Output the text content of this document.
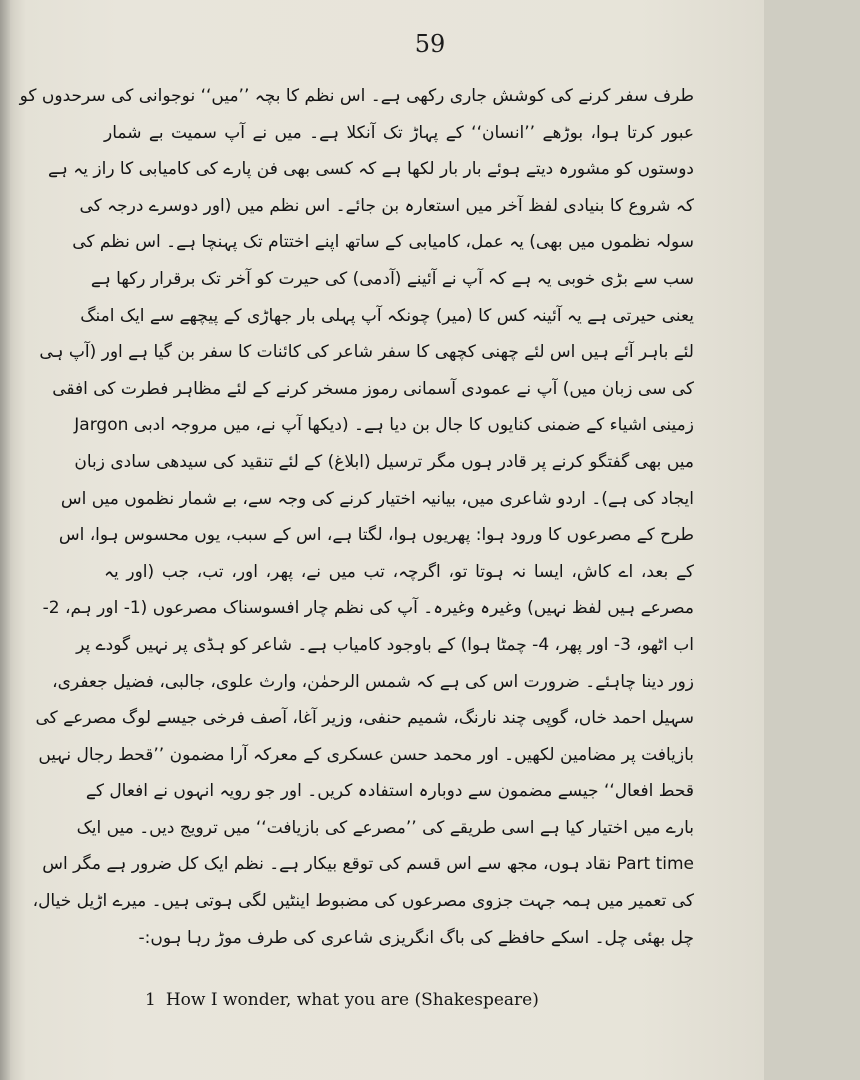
59
طرف سفر کرنے کی کوشش جاری رکھی ہے۔ اس نظم کا بچہ ’’میں‘‘ نوجوانی کی سرحدوں کو
عبور کرتا ہوا، بوڑھے ’’انسان‘‘ کے پہاڑ تک آنکلا ہے۔ میں نے آپ سمیت بے شمار
دوستوں کو مشورہ دیتے ہوئے بار بار لکھا ہے کہ کسی بھی فن پارے کی کامیابی کا راز یہ ہے
کہ شروع کا بنیادی لفظ آخر میں استعارہ بن جائے۔ اس نظم میں (اور دوسرے درجہ کی
سولہ نظموں میں بھی) یہ عمل، کامیابی کے ساتھ اپنے اختتام تک پہنچا ہے۔ اس نظم کی
سب سے بڑی خوبی یہ ہے کہ آپ نے آئینے (آدمی) کی حیرت کو آخر تک برقرار رکھا ہے
یعنی حیرتی ہے یہ آئینہ کس کا (میر) چونکہ آپ پہلی بار جھاڑی کے پیچھے سے ایک امنگ
لئے باہر آئے ہیں اس لئے چھنی کچھی کا سفر شاعر کی کائنات کا سفر بن گیا ہے اور (آپ ہی
کی سی زبان میں) آپ نے عمودی آسمانی رموز مسخر کرنے کے لئے مظاہر فطرت کی افقی
زمینی اشیاء کے ضمنی کنایوں کا جال بن دیا ہے۔ (دیکھا آپ نے، میں مروجہ ادبی Jargon
میں بھی گفتگو کرنے پر قادر ہوں مگر ترسیل (ابلاغ) کے لئے تنقید کی سیدھی سادی زبان
ایجاد کی ہے)۔ اردو شاعری میں، بیانیہ اختیار کرنے کی وجہ سے، بے شمار نظموں میں اس
طرح کے مصرعوں کا ورود ہوا: پھریوں ہوا، لگتا ہے، اس کے سبب، یوں محسوس ہوا، اس
کے بعد، اے کاش، ایسا نہ ہوتا تو، اگرچہ، تب میں نے، پھر، اور، تب، جب (اور یہ
مصرعے ہیں لفظ نہیں) وغیرہ وغیرہ۔ آپ کی نظم چار افسوسناک مصرعوں (1- اور ہم، 2-
اب اٹھو، 3- اور پھر، 4- چمٹا ہوا) کے باوجود کامیاب ہے۔ شاعر کو ہڈی پر نہیں گودے پر
زور دینا چاہئے۔ ضرورت اس کی ہے کہ شمس الرحمٰن، وارث علوی، جالبی، فضیل جعفری،
سہیل احمد خاں، گوپی چند نارنگ، شمیم حنفی، وزیر آغا، آصف فرخی جیسے لوگ مصرعے کی
بازیافت پر مضامین لکھیں۔ اور محمد حسن عسکری کے معرکہ آرا مضمون ’’قحط رجال نہیں
قحط افعال‘‘ جیسے مضمون سے دوبارہ استفادہ کریں۔ اور جو رویہ انہوں نے افعال کے
بارے میں اختیار کیا ہے اسی طریقے کی ’’مصرعے کی بازیافت‘‘ میں ترویج دیں۔ میں ایک
Part time نقاد ہوں، مجھ سے اس قسم کی توقع بیکار ہے۔ نظم ایک کل ضرور ہے مگر اس
کی تعمیر میں ہمہ جہت جزوی مصرعوں کی مضبوط اینٹیں لگی ہوتی ہیں۔ میرے اڑیل خیال،
چل بھئی چل۔ اسکے حافظے کی باگ انگریزی شاعری کی طرف موڑ رہا ہوں:-
1 How I wonder, what you are (Shakespeare)
